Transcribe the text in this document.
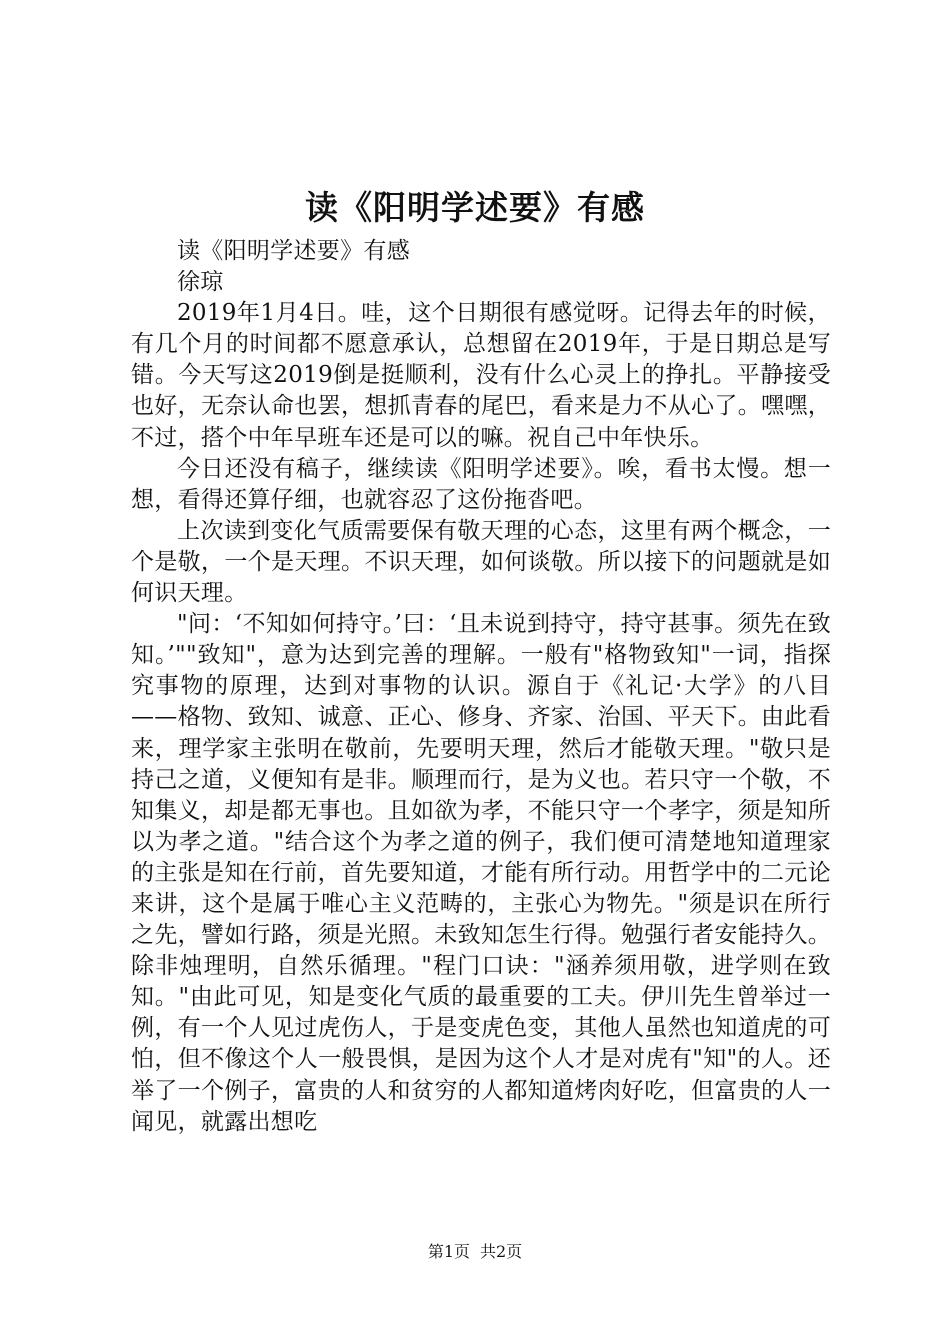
读《阳明学述要》有感

读《阳明学述要》有感

徐琼

2019年1月4日。哇，这个日期很有感觉呀。记得去年的时候，有几个月的时间都不愿意承认，总想留在2019年，于是日期总是写错。今天写这2019倒是挺顺利，没有什么心灵上的挣扎。平静接受也好，无奈认命也罢，想抓青春的尾巴，看来是力不从心了。嘿嘿，不过，搭个中年早班车还是可以的嘛。祝自己中年快乐。

今日还没有稿子，继续读《阳明学述要》。唉，看书太慢。想一想，看得还算仔细，也就容忍了这份拖沓吧。

上次读到变化气质需要保有敬天理的心态，这里有两个概念，一个是敬，一个是天理。不识天理，如何谈敬。所以接下的问题就是如何识天理。

"问：‘不知如何持守。’曰：‘且未说到持守，持守甚事。须先在致知。’""致知"，意为达到完善的理解。一般有"格物致知"一词，指探究事物的原理，达到对事物的认识。源自于《礼记·大学》的八目——格物、致知、诚意、正心、修身、齐家、治国、平天下。由此看来，理学家主张明在敬前，先要明天理，然后才能敬天理。"敬只是持己之道，义便知有是非。顺理而行，是为义也。若只守一个敬，不知集义，却是都无事也。且如欲为孝，不能只守一个孝字，须是知所以为孝之道。"结合这个为孝之道的例子，我们便可清楚地知道理家的主张是知在行前，首先要知道，才能有所行动。用哲学中的二元论来讲，这个是属于唯心主义范畴的，主张心为物先。"须是识在所行之先，譬如行路，须是光照。未致知怎生行得。勉强行者安能持久。除非烛理明，自然乐循理。"程门口诀："涵养须用敬，进学则在致知。"由此可见，知是变化气质的最重要的工夫。伊川先生曾举过一例，有一个人见过虎伤人，于是变虎色变，其他人虽然也知道虎的可怕，但不像这个人一般畏惧，是因为这个人才是对虎有"知"的人。还举了一个例子，富贵的人和贫穷的人都知道烤肉好吃，但富贵的人一闻见，就露出想吃

第1页 共2页
